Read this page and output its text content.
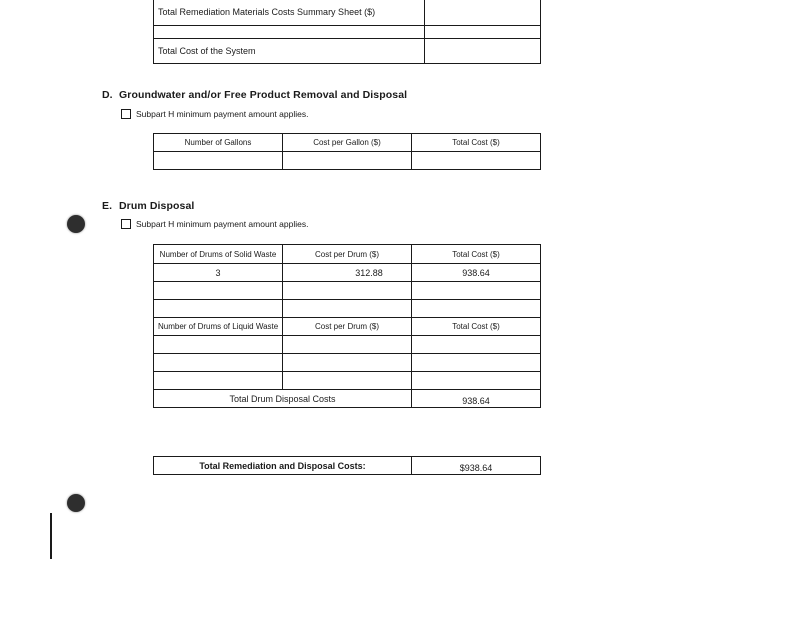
Total Remediation Materials Costs Summary Sheet ($)	

Total Cost of the System	
D. Groundwater and/or Free Product Removal and Disposal
Subpart H minimum payment amount applies.
Number of Gallons	Cost per Gallon ($)	Total Cost ($)

E. Drum Disposal
Subpart H minimum payment amount applies.
Number of Drums of Solid Waste	Cost per Drum ($)	Total Cost ($)
3	312.88	938.64

Number of Drums of Liquid Waste	Cost per Drum ($)	Total Cost ($)

Total Drum Disposal Costs		938.64
Total Remediation and Disposal Costs:	$938.64
